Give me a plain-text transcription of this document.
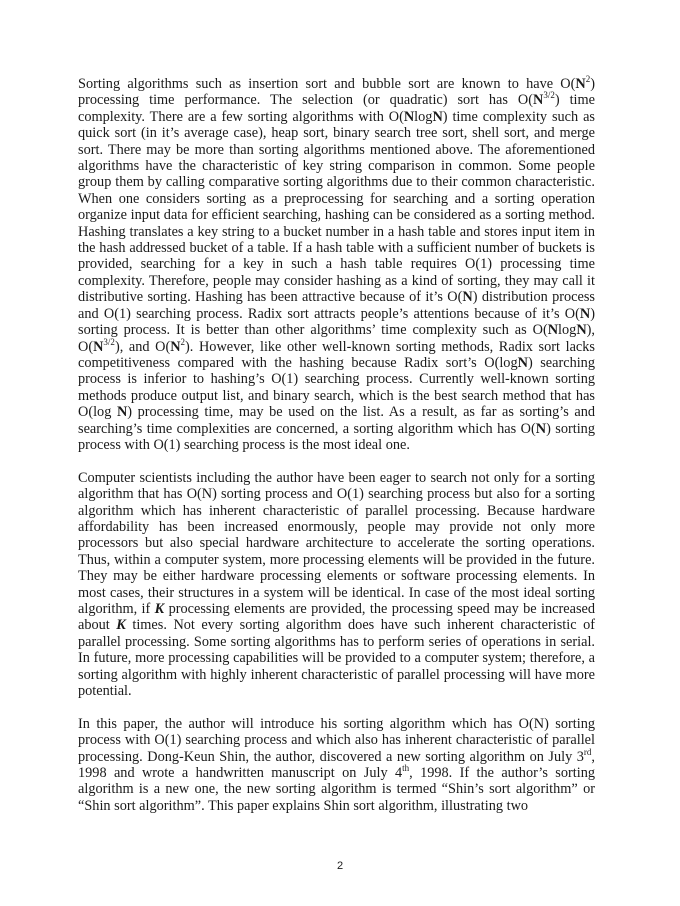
Sorting algorithms such as insertion sort and bubble sort are known to have $O(N^2)$ processing time performance. The selection (or quadratic) sort has $O(N^{3/2})$ time complexity. There are a few sorting algorithms with O(NlogN) time complexity such as quick sort (in it’s average case), heap sort, binary search tree sort, shell sort, and merge sort. There may be more than sorting algorithms mentioned above. The aforementioned algorithms have the characteristic of key string comparison in common. Some people group them by calling comparative sorting algorithms due to their common characteristic. When one considers sorting as a preprocessing for searching and a sorting operation organize input data for efficient searching, hashing can be considered as a sorting method. Hashing translates a key string to a bucket number in a hash table and stores input item in the hash addressed bucket of a table. If a hash table with a sufficient number of buckets is provided, searching for a key in such a hash table requires O(1) processing time complexity. Therefore, people may consider hashing as a kind of sorting, they may call it distributive sorting. Hashing has been attractive because of it’s O(N) distribution process and O(1) searching process. Radix sort attracts people’s attentions because of it’s O(N) sorting process. It is better than other algorithms’ time complexity such as O(NlogN), $O(N^{3/2})$, and $O(N^2)$. However, like other well-known sorting methods, Radix sort lacks competitiveness compared with the hashing because Radix sort’s O(logN) searching process is inferior to hashing’s O(1) searching process. Currently well-known sorting methods produce output list, and binary search, which is the best search method that has O(log N) processing time, may be used on the list. As a result, as far as sorting’s and searching’s time complexities are concerned, a sorting algorithm which has O(N) sorting process with O(1) searching process is the most ideal one.

Computer scientists including the author have been eager to search not only for a sorting algorithm that has O(N) sorting process and O(1) searching process but also for a sorting algorithm which has inherent characteristic of parallel processing. Because hardware affordability has been increased enormously, people may provide not only more processors but also special hardware architecture to accelerate the sorting operations. Thus, within a computer system, more processing elements will be provided in the future. They may be either hardware processing elements or software processing elements. In most cases, their structures in a system will be identical. In case of the most ideal sorting algorithm, if K processing elements are provided, the processing speed may be increased about K times. Not every sorting algorithm does have such inherent characteristic of parallel processing. Some sorting algorithms has to perform series of operations in serial. In future, more processing capabilities will be provided to a computer system; therefore, a sorting algorithm with highly inherent characteristic of parallel processing will have more potential.

In this paper, the author will introduce his sorting algorithm which has O(N) sorting process with O(1) searching process and which also has inherent characteristic of parallel processing. Dong-Keun Shin, the author, discovered a new sorting algorithm on July 3rd, 1998 and wrote a handwritten manuscript on July 4th, 1998. If the author’s sorting algorithm is a new one, the new sorting algorithm is termed “Shin’s sort algorithm” or “Shin sort algorithm”. This paper explains Shin sort algorithm, illustrating two

2
